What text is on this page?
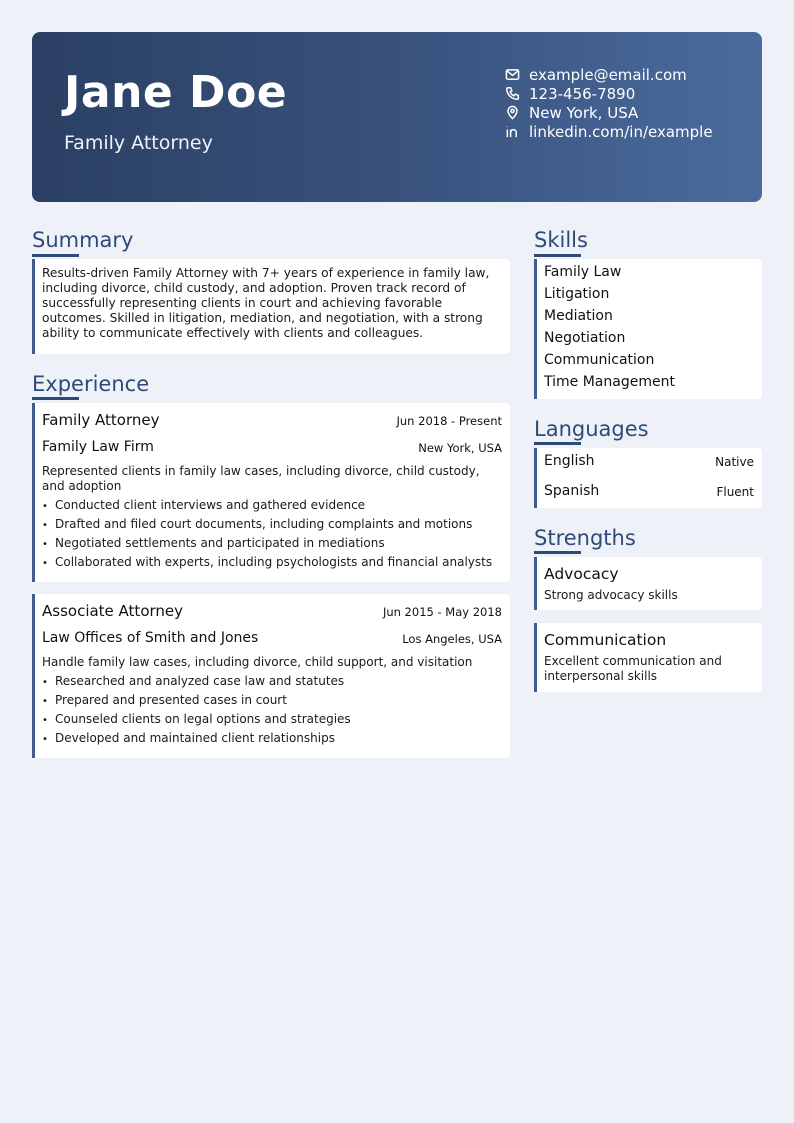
Jane Doe
Family Attorney
example@email.com
123-456-7890
New York, USA
linkedin.com/in/example
Summary
Results-driven Family Attorney with 7+ years of experience in family law, including divorce, child custody, and adoption. Proven track record of successfully representing clients in court and achieving favorable outcomes. Skilled in litigation, mediation, and negotiation, with a strong ability to communicate effectively with clients and colleagues.
Experience
Family Attorney	Jun 2018 - Present
Family Law Firm	New York, USA
Represented clients in family law cases, including divorce, child custody, and adoption
• Conducted client interviews and gathered evidence
• Drafted and filed court documents, including complaints and motions
• Negotiated settlements and participated in mediations
• Collaborated with experts, including psychologists and financial analysts
Associate Attorney	Jun 2015 - May 2018
Law Offices of Smith and Jones	Los Angeles, USA
Handle family law cases, including divorce, child support, and visitation
• Researched and analyzed case law and statutes
• Prepared and presented cases in court
• Counseled clients on legal options and strategies
• Developed and maintained client relationships
Skills
Family Law
Litigation
Mediation
Negotiation
Communication
Time Management
Languages
English	Native
Spanish	Fluent
Strengths
Advocacy
Strong advocacy skills
Communication
Excellent communication and interpersonal skills
